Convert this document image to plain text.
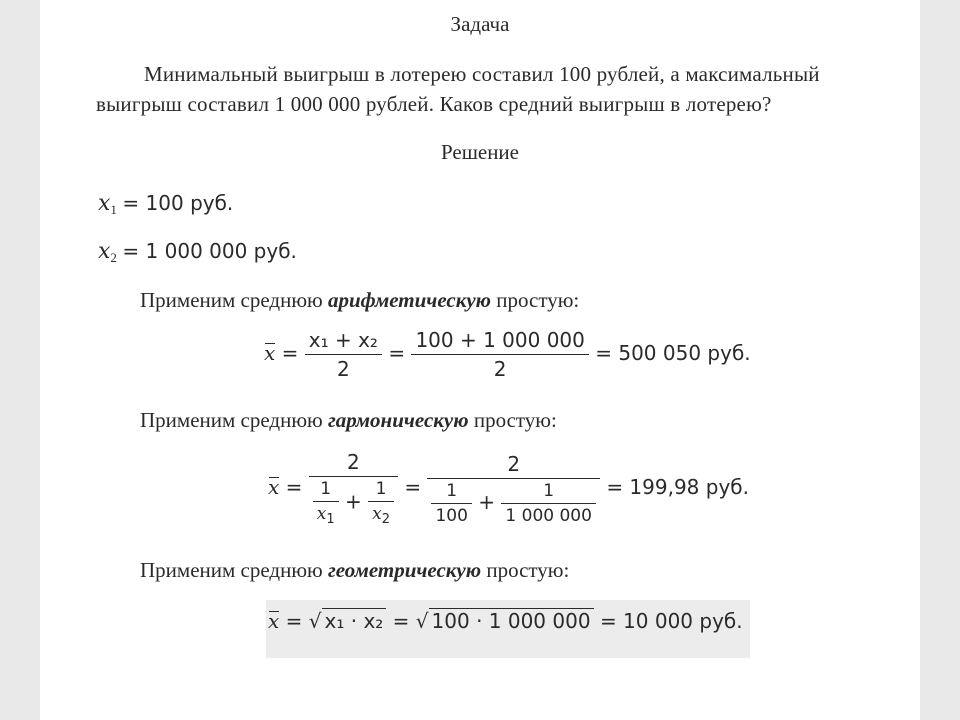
Задача
Минимальный выигрыш в лотерею составил 100 рублей, а максимальный
выигрыш составил 1 000 000 рублей. Каков средний выигрыш в лотерею?
Решение
$x_1 = 100$ руб.
$x_2 = 1$ 000 000 руб.
Применим среднюю арифметическую простую:
$x = \frac{\text{x₁ + x₂}}{2} = \frac{100 + 1 000 000}{2} = 500$ 050 руб.
Применим среднюю гармоническую простую:
x =
2
$\frac{1}{x_1} + \frac{1}{x_2}$ =
2
$\frac{1}{100} + \frac{1}{1 000 000} = 199,98$ руб.
Применим среднюю геометрическую простую:
x = √ x₁ · x₂ = √ 100 · 1 000 000 = 10 000 руб.
